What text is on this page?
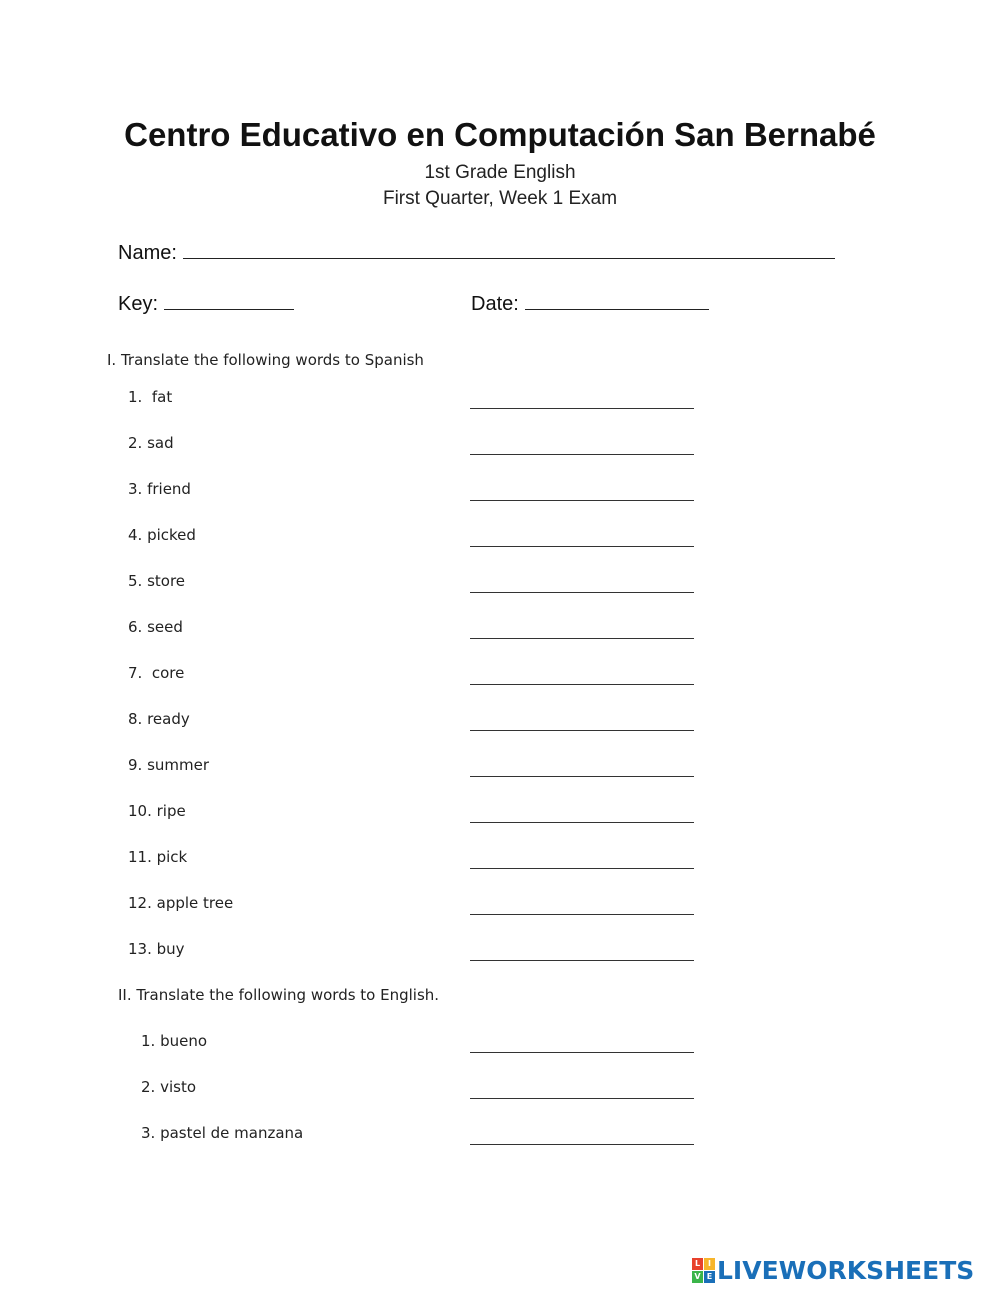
Centro Educativo en Computación San Bernabé
1st Grade English
First Quarter, Week 1 Exam
Name:
Key:	Date:
I. Translate the following words to Spanish
1.  fat
2. sad
3. friend
4. picked
5. store
6. seed
7.  core
8. ready
9. summer
10. ripe
11. pick
12. apple tree
13. buy
II. Translate the following words to English.
1. bueno
2. visto
3. pastel de manzana
L I
V E LIVEWORKSHEETS
